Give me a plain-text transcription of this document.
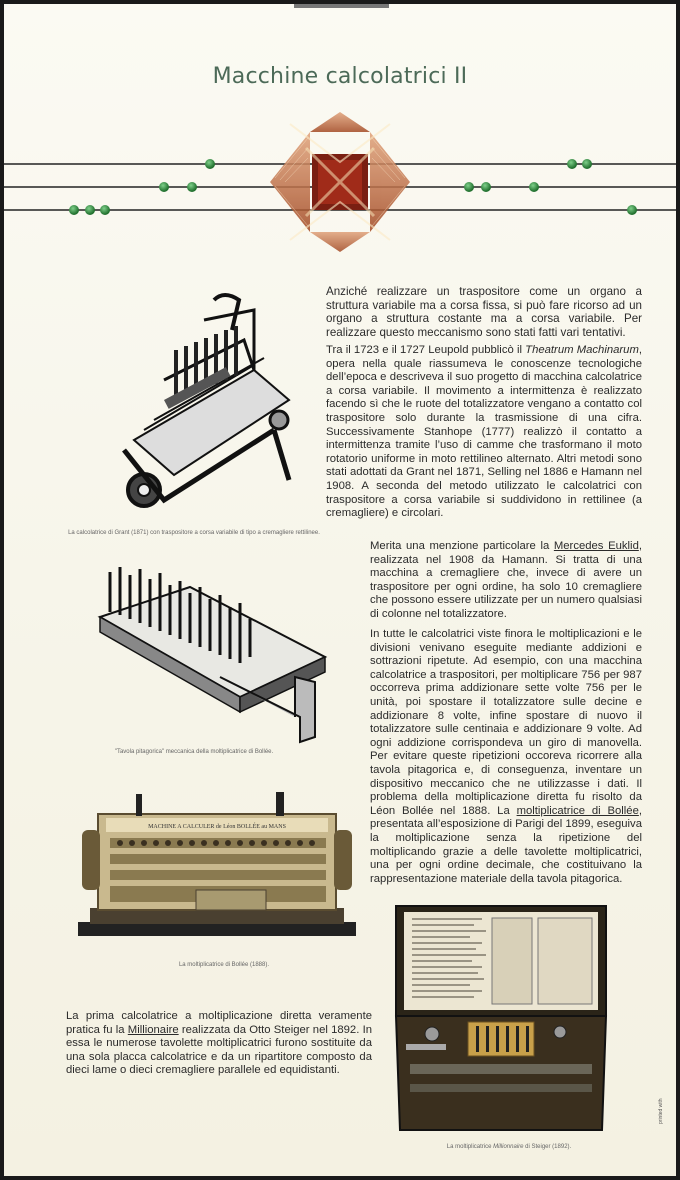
Macchine calcolatrici II
Anziché realizzare un traspositore come un organo a struttura variabile ma a corsa fissa, si può fare ricorso ad un organo a struttura costante ma a corsa variabile. Per realizzare questo meccanismo sono stati fatti vari tentativi.
Tra il 1723 e il 1727 Leupold pubblicò il Theatrum Machinarum, opera nella quale riassumeva le conoscenze tecnologiche dell’epoca e descriveva il suo progetto di macchina calcolatrice a corsa variabile. Il movimento a intermittenza è realizzato facendo sì che le ruote del totalizzatore vengano a contatto col traspositore solo durante la trasmissione di una cifra. Successivamente Stanhope (1777) realizzò il contatto a intermittenza tramite l’uso di camme che trasformano il moto rotatorio uniforme in moto rettilineo alternato. Altri metodi sono stati adottati da Grant nel 1871, Selling nel 1886 e Hamann nel 1908. A seconda del metodo utilizzato le calcolatrici con traspositore a corsa variabile si suddividono in rettilinee (a cremagliere) e circolari.
Merita una menzione particolare la Mercedes Euklid, realizzata nel 1908 da Hamann. Si tratta di una macchina a cremagliere che, invece di avere un traspositore per ogni ordine, ha solo 10 cremagliere che possono essere utilizzate per un numero qualsiasi di colonne nel totalizzatore.
In tutte le calcolatrici viste finora le moltiplicazioni e le divisioni venivano eseguite mediante addizioni e sottrazioni ripetute. Ad esempio, con una macchina calcolatrice a traspositori, per moltiplicare 756 per 987 occorreva prima addizionare sette volte 756 per le unità, poi spostare il totalizzatore sulle decine e addizionare 8 volte, infine spostare di nuovo il totalizzatore sulle centinaia e addizionare 9 volte. Ad ogni addizione corrispondeva un giro di manovella. Per evitare queste ripetizioni occoreva ricorrere alla tavola pitagorica e, di conseguenza, inventare un dispositivo meccanico che ne utilizzasse i dati. Il problema della moltiplicazione diretta fu risolto da Léon Bollée nel 1888. La moltiplicatrice di Bollée, presentata all’esposizione di Parigi del 1899, eseguiva la moltiplicazione senza la ripetizione del moltiplicando grazie a delle tavolette moltiplicatrici, una per ogni ordine decimale, che costituivano la rappresentazione materiale della tavola pitagorica.
La prima calcolatrice a moltiplicazione diretta veramente pratica fu la Millionaire realizzata da Otto Steiger nel 1892. In essa le numerose tavolette moltiplicatrici furono sostituite da una sola placca calcolatrice e da un ripartitore composto da dieci lame o dieci cremagliere parallele ed equidistanti.
La calcolatrice di Grant (1871) con traspositore a corsa variabile di tipo a cremagliere rettilinee.
"Tavola pitagorica" meccanica della moltiplicatrice di Bollée.
MACHINE A CALCULER de Léon BOLLÉE au MANS
La moltiplicatrice di Bollée (1888).
La moltiplicatrice Millionnaire di Steiger (1892).
printed with
